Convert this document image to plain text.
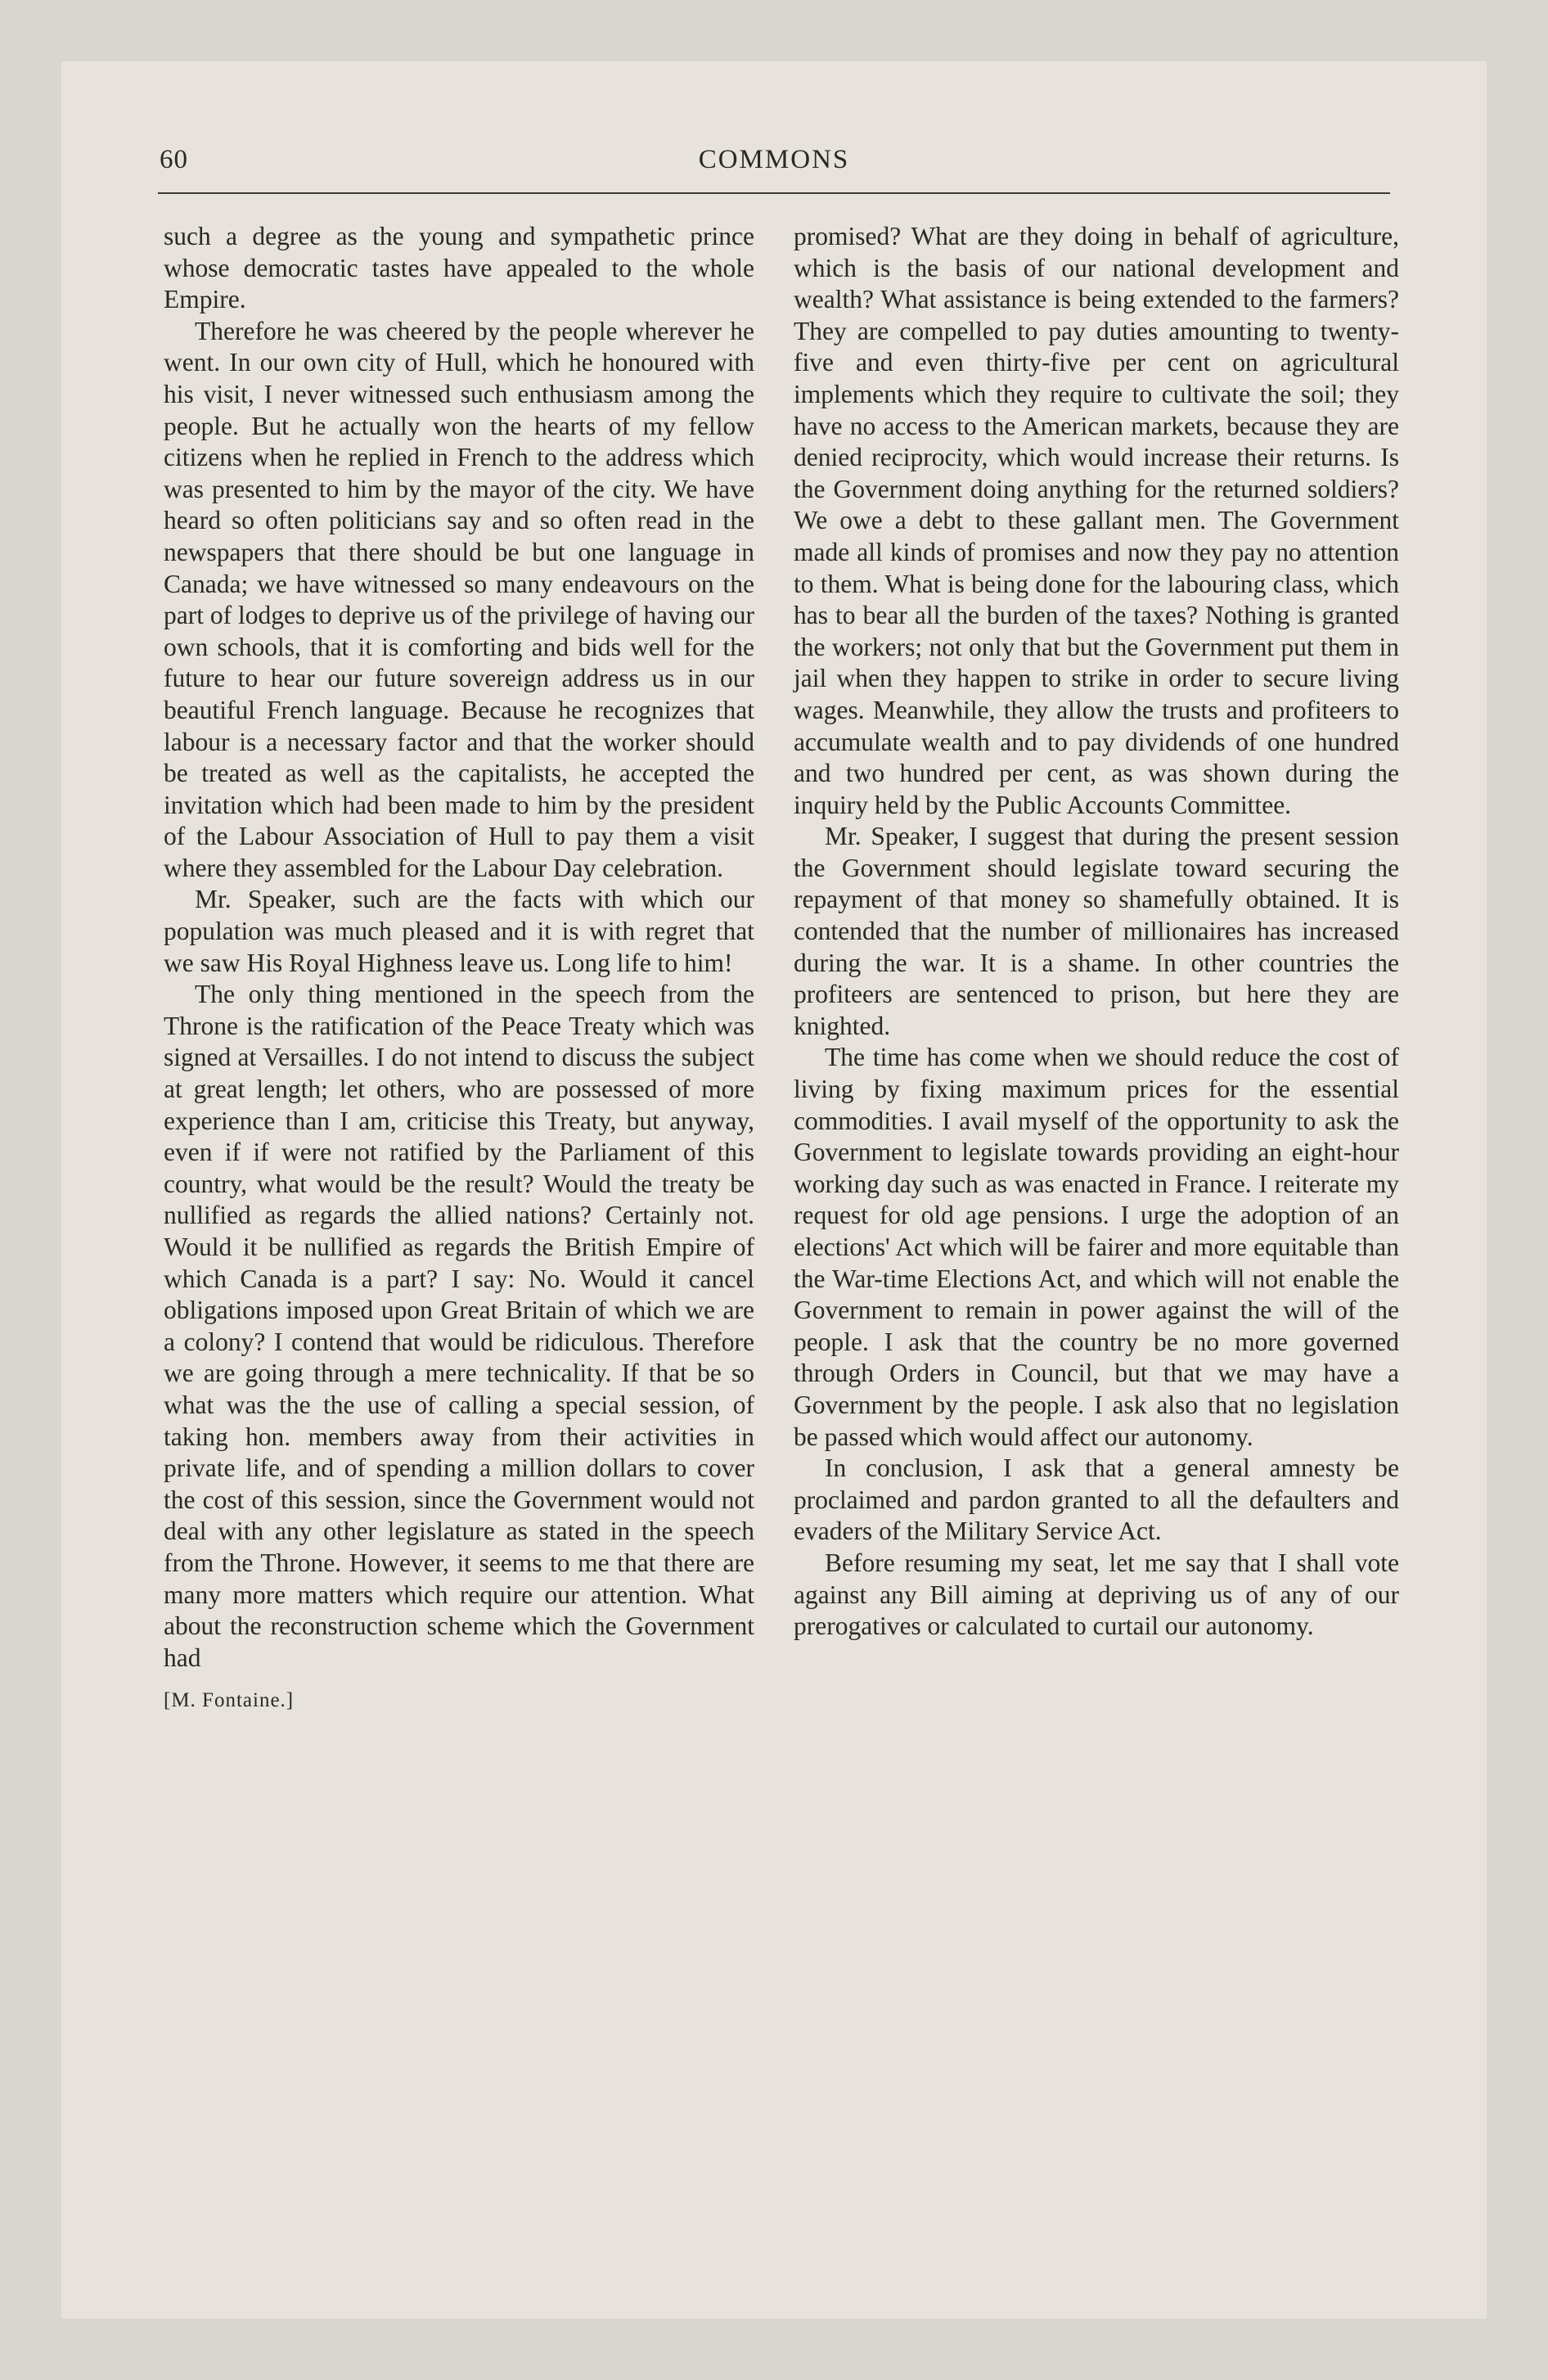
60	COMMONS

such a degree as the young and sympathetic prince whose democratic tastes have appealed to the whole Empire.

Therefore he was cheered by the people wherever he went. In our own city of Hull, which he honoured with his visit, I never witnessed such enthusiasm among the people. But he actually won the hearts of my fellow citizens when he replied in French to the address which was presented to him by the mayor of the city. We have heard so often politicians say and so often read in the newspapers that there should be but one language in Canada; we have witnessed so many endeavours on the part of lodges to deprive us of the privilege of having our own schools, that it is comforting and bids well for the future to hear our future sovereign address us in our beautiful French language. Because he recognizes that labour is a necessary factor and that the worker should be treated as well as the capitalists, he accepted the invitation which had been made to him by the president of the Labour Association of Hull to pay them a visit where they assembled for the Labour Day celebration.

Mr. Speaker, such are the facts with which our population was much pleased and it is with regret that we saw His Royal Highness leave us. Long life to him!

The only thing mentioned in the speech from the Throne is the ratification of the Peace Treaty which was signed at Versailles. I do not intend to discuss the subject at great length; let others, who are possessed of more experience than I am, criticise this Treaty, but anyway, even if if were not ratified by the Parliament of this country, what would be the result? Would the treaty be nullified as regards the allied nations? Certainly not. Would it be nullified as regards the British Empire of which Canada is a part? I say: No. Would it cancel obligations imposed upon Great Britain of which we are a colony? I contend that would be ridiculous. Therefore we are going through a mere technicality. If that be so what was the the use of calling a special session, of taking hon. members away from their activities in private life, and of spending a million dollars to cover the cost of this session, since the Government would not deal with any other legislature as stated in the speech from the Throne. However, it seems to me that there are many more matters which require our attention. What about the reconstruction scheme which the Government had

[M. Fontaine.]

promised? What are they doing in behalf of agriculture, which is the basis of our national development and wealth? What assistance is being extended to the farmers? They are compelled to pay duties amounting to twenty-five and even thirty-five per cent on agricultural implements which they require to cultivate the soil; they have no access to the American markets, because they are denied reciprocity, which would increase their returns. Is the Government doing anything for the returned soldiers? We owe a debt to these gallant men. The Government made all kinds of promises and now they pay no attention to them. What is being done for the labouring class, which has to bear all the burden of the taxes? Nothing is granted the workers; not only that but the Government put them in jail when they happen to strike in order to secure living wages. Meanwhile, they allow the trusts and profiteers to accumulate wealth and to pay dividends of one hundred and two hundred per cent, as was shown during the inquiry held by the Public Accounts Committee.

Mr. Speaker, I suggest that during the present session the Government should legislate toward securing the repayment of that money so shamefully obtained. It is contended that the number of millionaires has increased during the war. It is a shame. In other countries the profiteers are sentenced to prison, but here they are knighted.

The time has come when we should reduce the cost of living by fixing maximum prices for the essential commodities. I avail myself of the opportunity to ask the Government to legislate towards providing an eight-hour working day such as was enacted in France. I reiterate my request for old age pensions. I urge the adoption of an elections' Act which will be fairer and more equitable than the War-time Elections Act, and which will not enable the Government to remain in power against the will of the people. I ask that the country be no more governed through Orders in Council, but that we may have a Government by the people. I ask also that no legislation be passed which would affect our autonomy.

In conclusion, I ask that a general amnesty be proclaimed and pardon granted to all the defaulters and evaders of the Military Service Act.

Before resuming my seat, let me say that I shall vote against any Bill aiming at depriving us of any of our prerogatives or calculated to curtail our autonomy.
